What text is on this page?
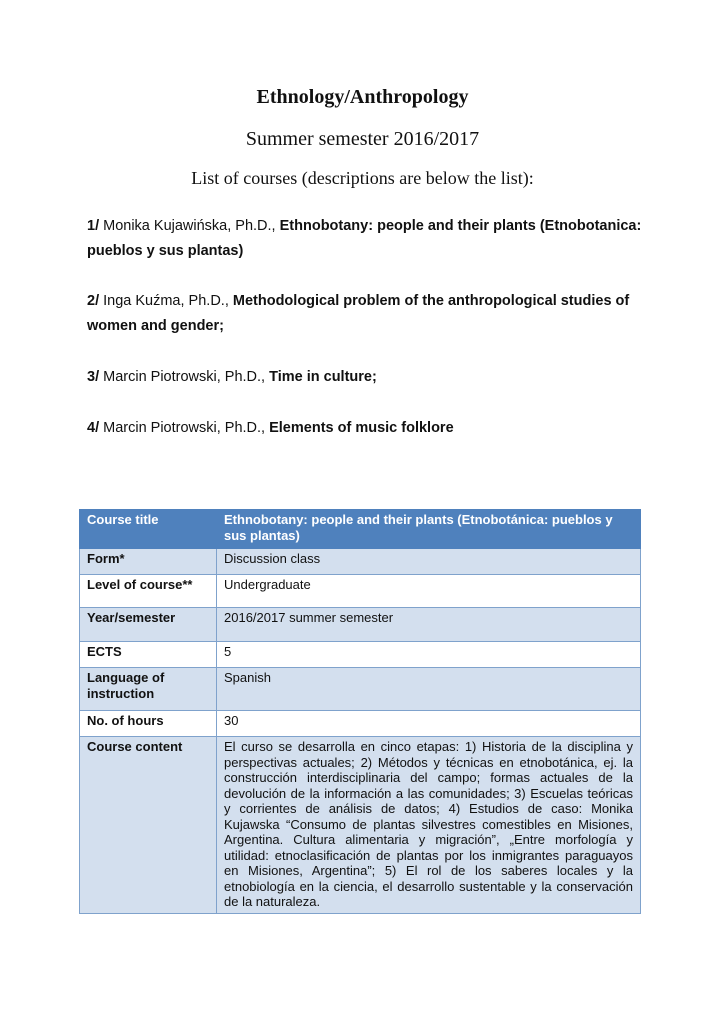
Ethnology/Anthropology
Summer semester 2016/2017
List of courses (descriptions are below the list):
1/ Monika Kujawińska, Ph.D., Ethnobotany: people and their plants (Etnobotanica: pueblos y sus plantas)
2/ Inga Kuźma, Ph.D., Methodological problem of the anthropological studies of women and gender;
3/ Marcin Piotrowski, Ph.D., Time in culture;
4/ Marcin Piotrowski, Ph.D., Elements of music folklore
Course title	Ethnobotany: people and their plants (Etnobotánica: pueblos y sus plantas)
Form*	Discussion class
Level of course**	Undergraduate
Year/semester	2016/2017 summer semester
ECTS	5
Language of instruction	Spanish
No. of hours	30
Course content	El curso se desarrolla en cinco etapas: 1) Historia de la disciplina y perspectivas actuales; 2) Métodos y técnicas en etnobotánica, ej. la construcción interdisciplinaria del campo; formas actuales de la devolución de la información a las comunidades; 3) Escuelas teóricas y corrientes de análisis de datos; 4) Estudios de caso: Monika Kujawska “Consumo de plantas silvestres comestibles en Misiones, Argentina. Cultura alimentaria y migración”, „Entre morfología y utilidad: etnoclasificación de plantas por los inmigrantes paraguayos en Misiones, Argentina”; 5) El rol de los saberes locales y la etnobiología en la ciencia, el desarrollo sustentable y la conservación de la naturaleza.
